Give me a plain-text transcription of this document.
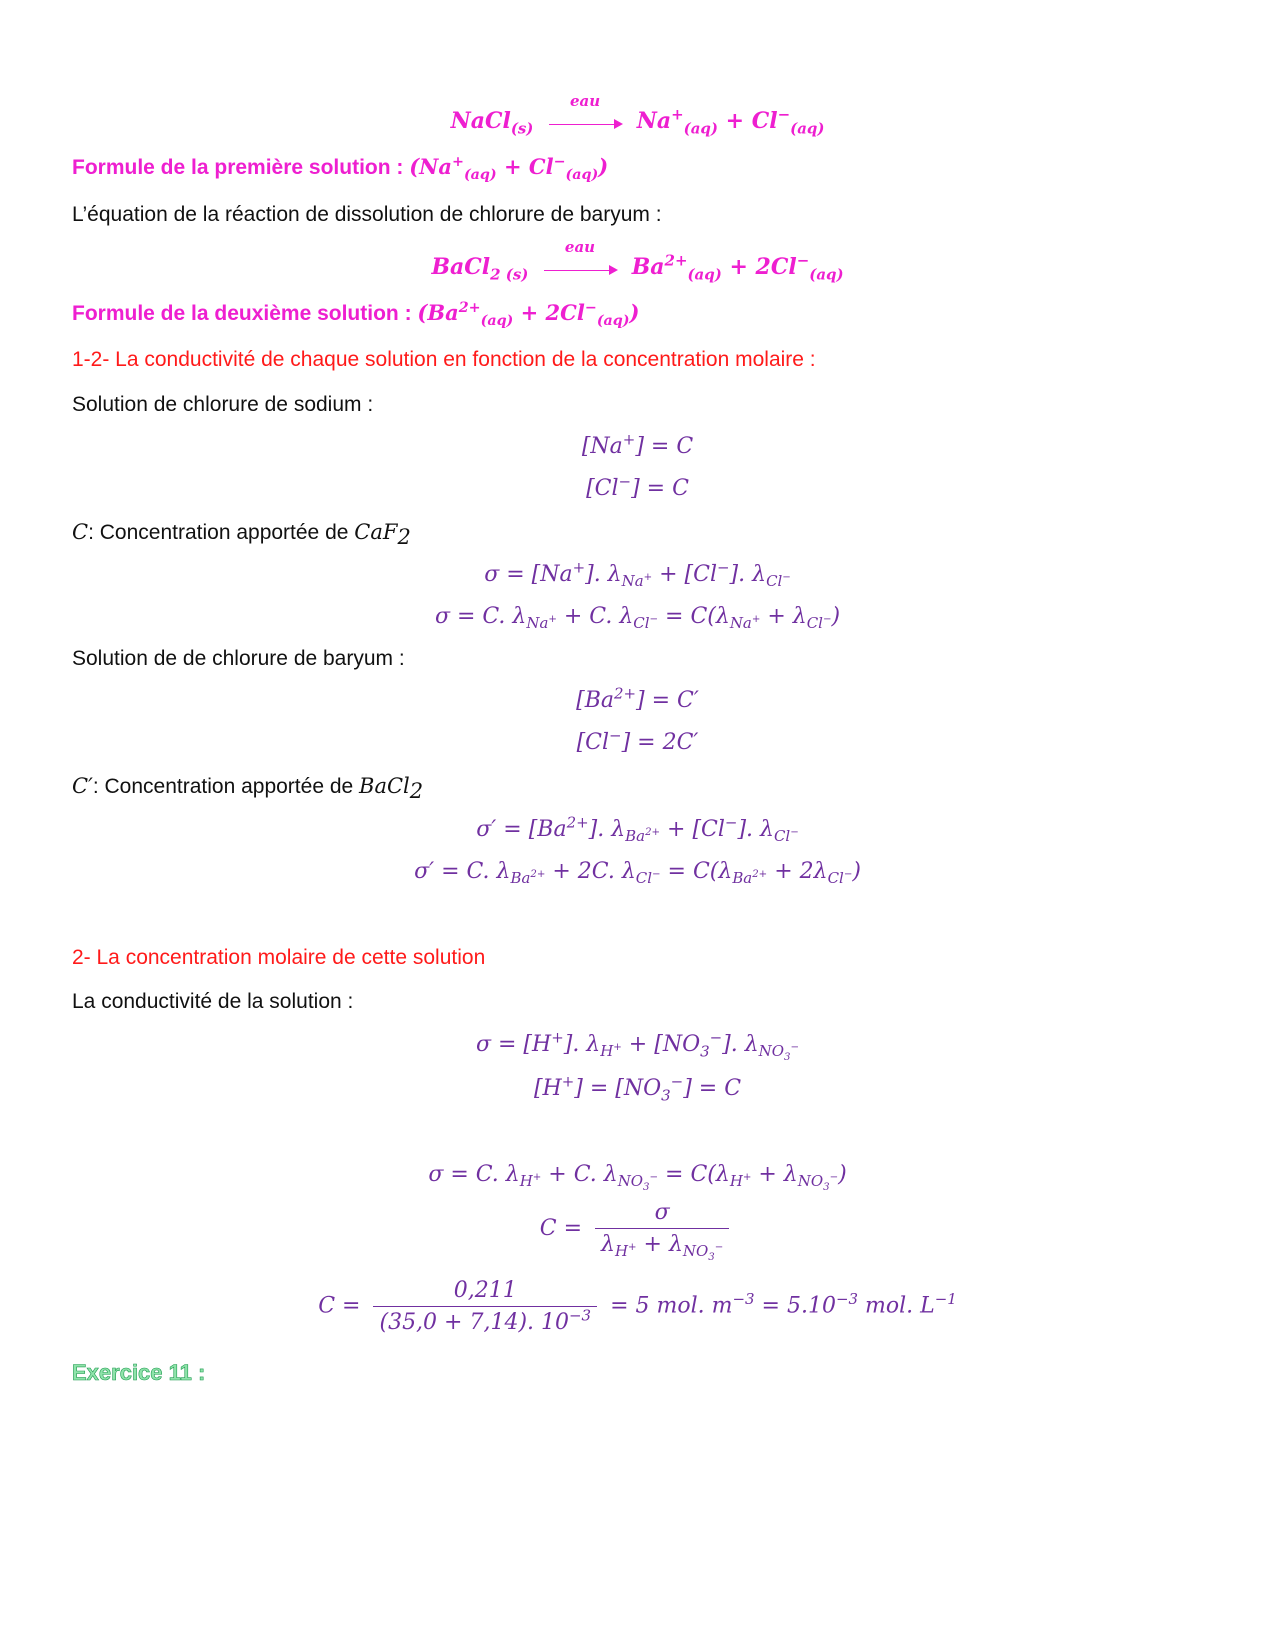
NaCl$_{(s)}$
eau
$Na^+_{(aq)} + Cl^-_{(aq)}$
Formule de la première solution : $(Na^+_{(aq)} + Cl^-_{(aq)})$
L’équation de la réaction de dissolution de chlorure de baryum :
BaCl$_2$ $_{(s)}$
eau
$Ba^{2+}_{(aq)} + 2Cl^-_{(aq)}$
Formule de la deuxième solution : $(Ba^{2+}_{(aq)} + 2Cl^-_{(aq)})$
1-2- La conductivité de chaque solution en fonction de la concentration molaire :
Solution de chlorure de sodium :
[Na+] = C
[Cl−] = C
C: Concentration apportée de CaF$_2$
σ = [Na+]. $\lambda_{Na^+} + [Cl^-]$. $\lambda_{Cl^-}$
σ = C. $\lambda_{Na^+} + C$. $\lambda_{Cl^-} = C(\lambda_{Na^+} + \lambda_{Cl^-})$
Solution de de chlorure de baryum :
$[Ba^{2+}] = C'$
[Cl−] = 2C′
C′: Concentration apportée de BaCl$_2$
$\sigma' = [Ba^{2+}]$. $\lambda_{Ba^{2+}} + [Cl^-]$. $\lambda_{Cl^-}$
σ′ = C. $\lambda_{Ba^{2+}} + 2C$. $\lambda_{Cl^-} = C(\lambda_{Ba^{2+}} + 2\lambda_{Cl^-})$
2- La concentration molaire de cette solution
La conductivité de la solution :
σ = [H+]. $\lambda_{H^+} + [NO_3^-]$. $\lambda_{NO_3^-}$
$[H^+] = [NO_3^-] = C$
σ = C. $\lambda_{H^+} + C$. $\lambda_{NO_3^-} = C(\lambda_{H^+} + \lambda_{NO_3^-})$
$C = \frac{\sigma}{\lambda_{H^+} + \lambda_{NO_3^-}}$
$C = \frac{0,211}{(35,0 + 7,14). 10^{-3}} = 5$ mol. $m^{-3} = 5.10^{-3}$ mol. $L^{-1}$
Exercice 11 :
